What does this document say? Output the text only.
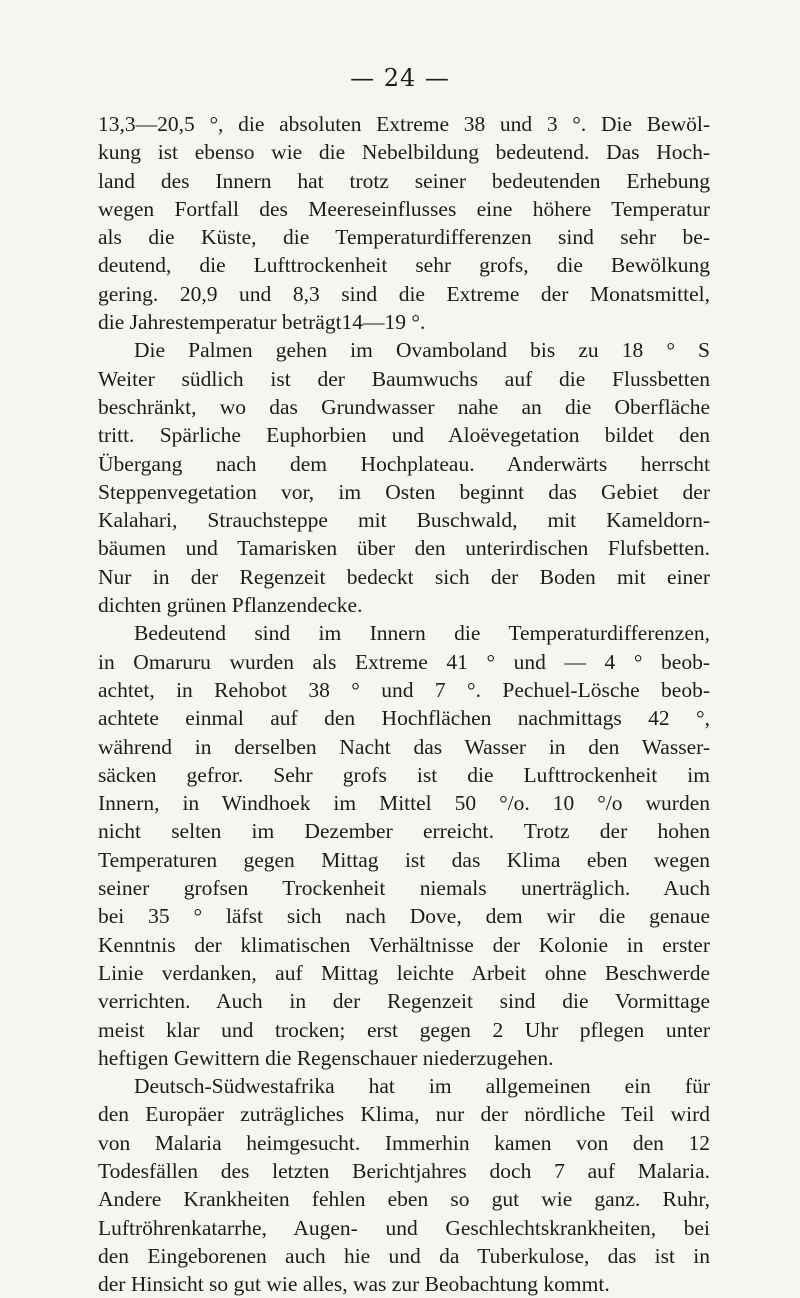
— 24 —
13,3—20,5 °, die absoluten Extreme 38 und 3 °. Die Bewöl-
kung ist ebenso wie die Nebelbildung bedeutend. Das Hoch-
land des Innern hat trotz seiner bedeutenden Erhebung
wegen Fortfall des Meereseinflusses eine höhere Temperatur
als die Küste, die Temperaturdifferenzen sind sehr be-
deutend, die Lufttrockenheit sehr grofs, die Bewölkung
gering. 20,9 und 8,3 sind die Extreme der Monatsmittel,
die Jahrestemperatur beträgt14—19 °.
Die Palmen gehen im Ovamboland bis zu 18 ° S
Weiter südlich ist der Baumwuchs auf die Flussbetten
beschränkt, wo das Grundwasser nahe an die Oberfläche
tritt. Spärliche Euphorbien und Aloëvegetation bildet den
Übergang nach dem Hochplateau. Anderwärts herrscht
Steppenvegetation vor, im Osten beginnt das Gebiet der
Kalahari, Strauchsteppe mit Buschwald, mit Kameldorn-
bäumen und Tamarisken über den unterirdischen Flufsbetten.
Nur in der Regenzeit bedeckt sich der Boden mit einer
dichten grünen Pflanzendecke.
Bedeutend sind im Innern die Temperaturdifferenzen,
in Omaruru wurden als Extreme 41 ° und — 4 ° beob-
achtet, in Rehobot 38 ° und 7 °. Pechuel-Lösche beob-
achtete einmal auf den Hochflächen nachmittags 42 °,
während in derselben Nacht das Wasser in den Wasser-
säcken gefror. Sehr grofs ist die Lufttrockenheit im
Innern, in Windhoek im Mittel 50 °/o. 10 °/o wurden
nicht selten im Dezember erreicht. Trotz der hohen
Temperaturen gegen Mittag ist das Klima eben wegen
seiner grofsen Trockenheit niemals unerträglich. Auch
bei 35 ° läfst sich nach Dove, dem wir die genaue
Kenntnis der klimatischen Verhältnisse der Kolonie in erster
Linie verdanken, auf Mittag leichte Arbeit ohne Beschwerde
verrichten. Auch in der Regenzeit sind die Vormittage
meist klar und trocken; erst gegen 2 Uhr pflegen unter
heftigen Gewittern die Regenschauer niederzugehen.
Deutsch-Südwestafrika hat im allgemeinen ein für
den Europäer zuträgliches Klima, nur der nördliche Teil wird
von Malaria heimgesucht. Immerhin kamen von den 12
Todesfällen des letzten Berichtjahres doch 7 auf Malaria.
Andere Krankheiten fehlen eben so gut wie ganz. Ruhr,
Luftröhrenkatarrhe, Augen- und Geschlechtskrankheiten, bei
den Eingeborenen auch hie und da Tuberkulose, das ist in
der Hinsicht so gut wie alles, was zur Beobachtung kommt.
